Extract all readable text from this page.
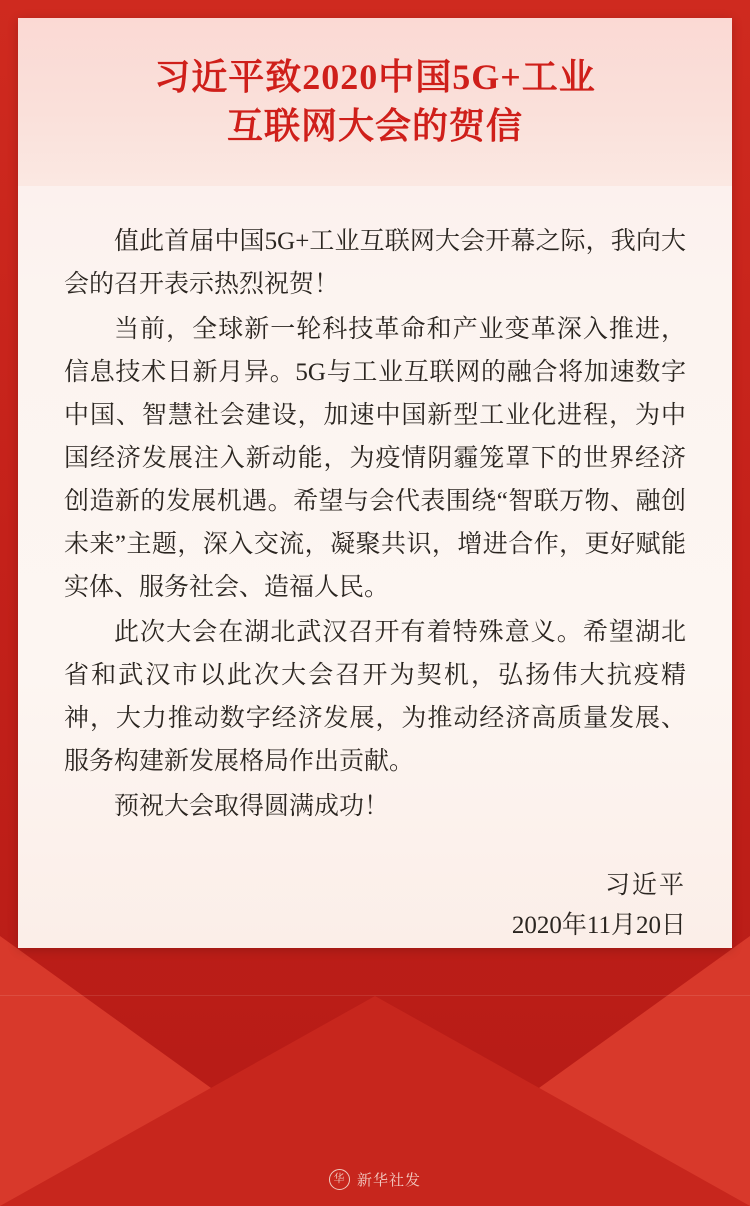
习近平致2020中国5G+工业
互联网大会的贺信

值此首届中国5G+工业互联网大会开幕之际，我向大会的召开表示热烈祝贺！

当前，全球新一轮科技革命和产业变革深入推进，信息技术日新月异。5G与工业互联网的融合将加速数字中国、智慧社会建设，加速中国新型工业化进程，为中国经济发展注入新动能，为疫情阴霾笼罩下的世界经济创造新的发展机遇。希望与会代表围绕“智联万物、融创未来”主题，深入交流，凝聚共识，增进合作，更好赋能实体、服务社会、造福人民。

此次大会在湖北武汉召开有着特殊意义。希望湖北省和武汉市以此次大会召开为契机，弘扬伟大抗疫精神，大力推动数字经济发展，为推动经济高质量发展、服务构建新发展格局作出贡献。

预祝大会取得圆满成功！

习近平
2020年11月20日
华 新华社发
